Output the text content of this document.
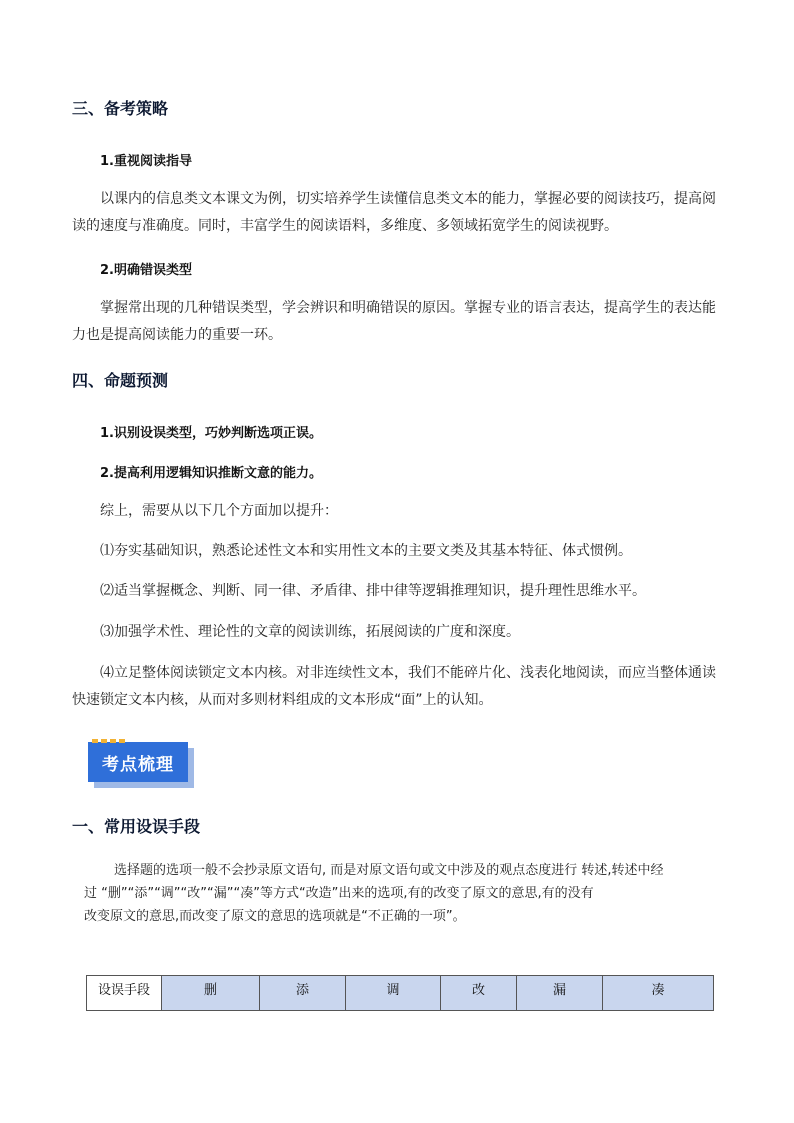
三、备考策略
1.重视阅读指导
以课内的信息类文本课文为例，切实培养学生读懂信息类文本的能力，掌握必要的阅读技巧，提高阅
读的速度与准确度。同时，丰富学生的阅读语料，多维度、多领域拓宽学生的阅读视野。
2.明确错误类型
掌握常出现的几种错误类型，学会辨识和明确错误的原因。掌握专业的语言表达，提高学生的表达能
力也是提高阅读能力的重要一环。
四、命题预测
1.识别设误类型，巧妙判断选项正误。
2.提高利用逻辑知识推断文意的能力。
综上，需要从以下几个方面加以提升：
⑴夯实基础知识，熟悉论述性文本和实用性文本的主要文类及其基本特征、体式惯例。
⑵适当掌握概念、判断、同一律、矛盾律、排中律等逻辑推理知识，提升理性思维水平。
⑶加强学术性、理论性的文章的阅读训练，拓展阅读的广度和深度。
⑷立足整体阅读锁定文本内核。对非连续性文本，我们不能碎片化、浅表化地阅读，而应当整体通读
快速锁定文本内核，从而对多则材料组成的文本形成“面”上的认知。
考点梳理
一、常用设误手段
选择题的选项一般不会抄录原文语句, 而是对原文语句或文中涉及的观点态度进行 转述,转述中经
过 “删”“添”“调”“改”“漏”“凑”等方式“改造”出来的选项,有的改变了原文的意思,有的没有
改变原文的意思,而改变了原文的意思的选项就是“不正确的一项”。
设误手段	删	添	调	改	漏	凑
